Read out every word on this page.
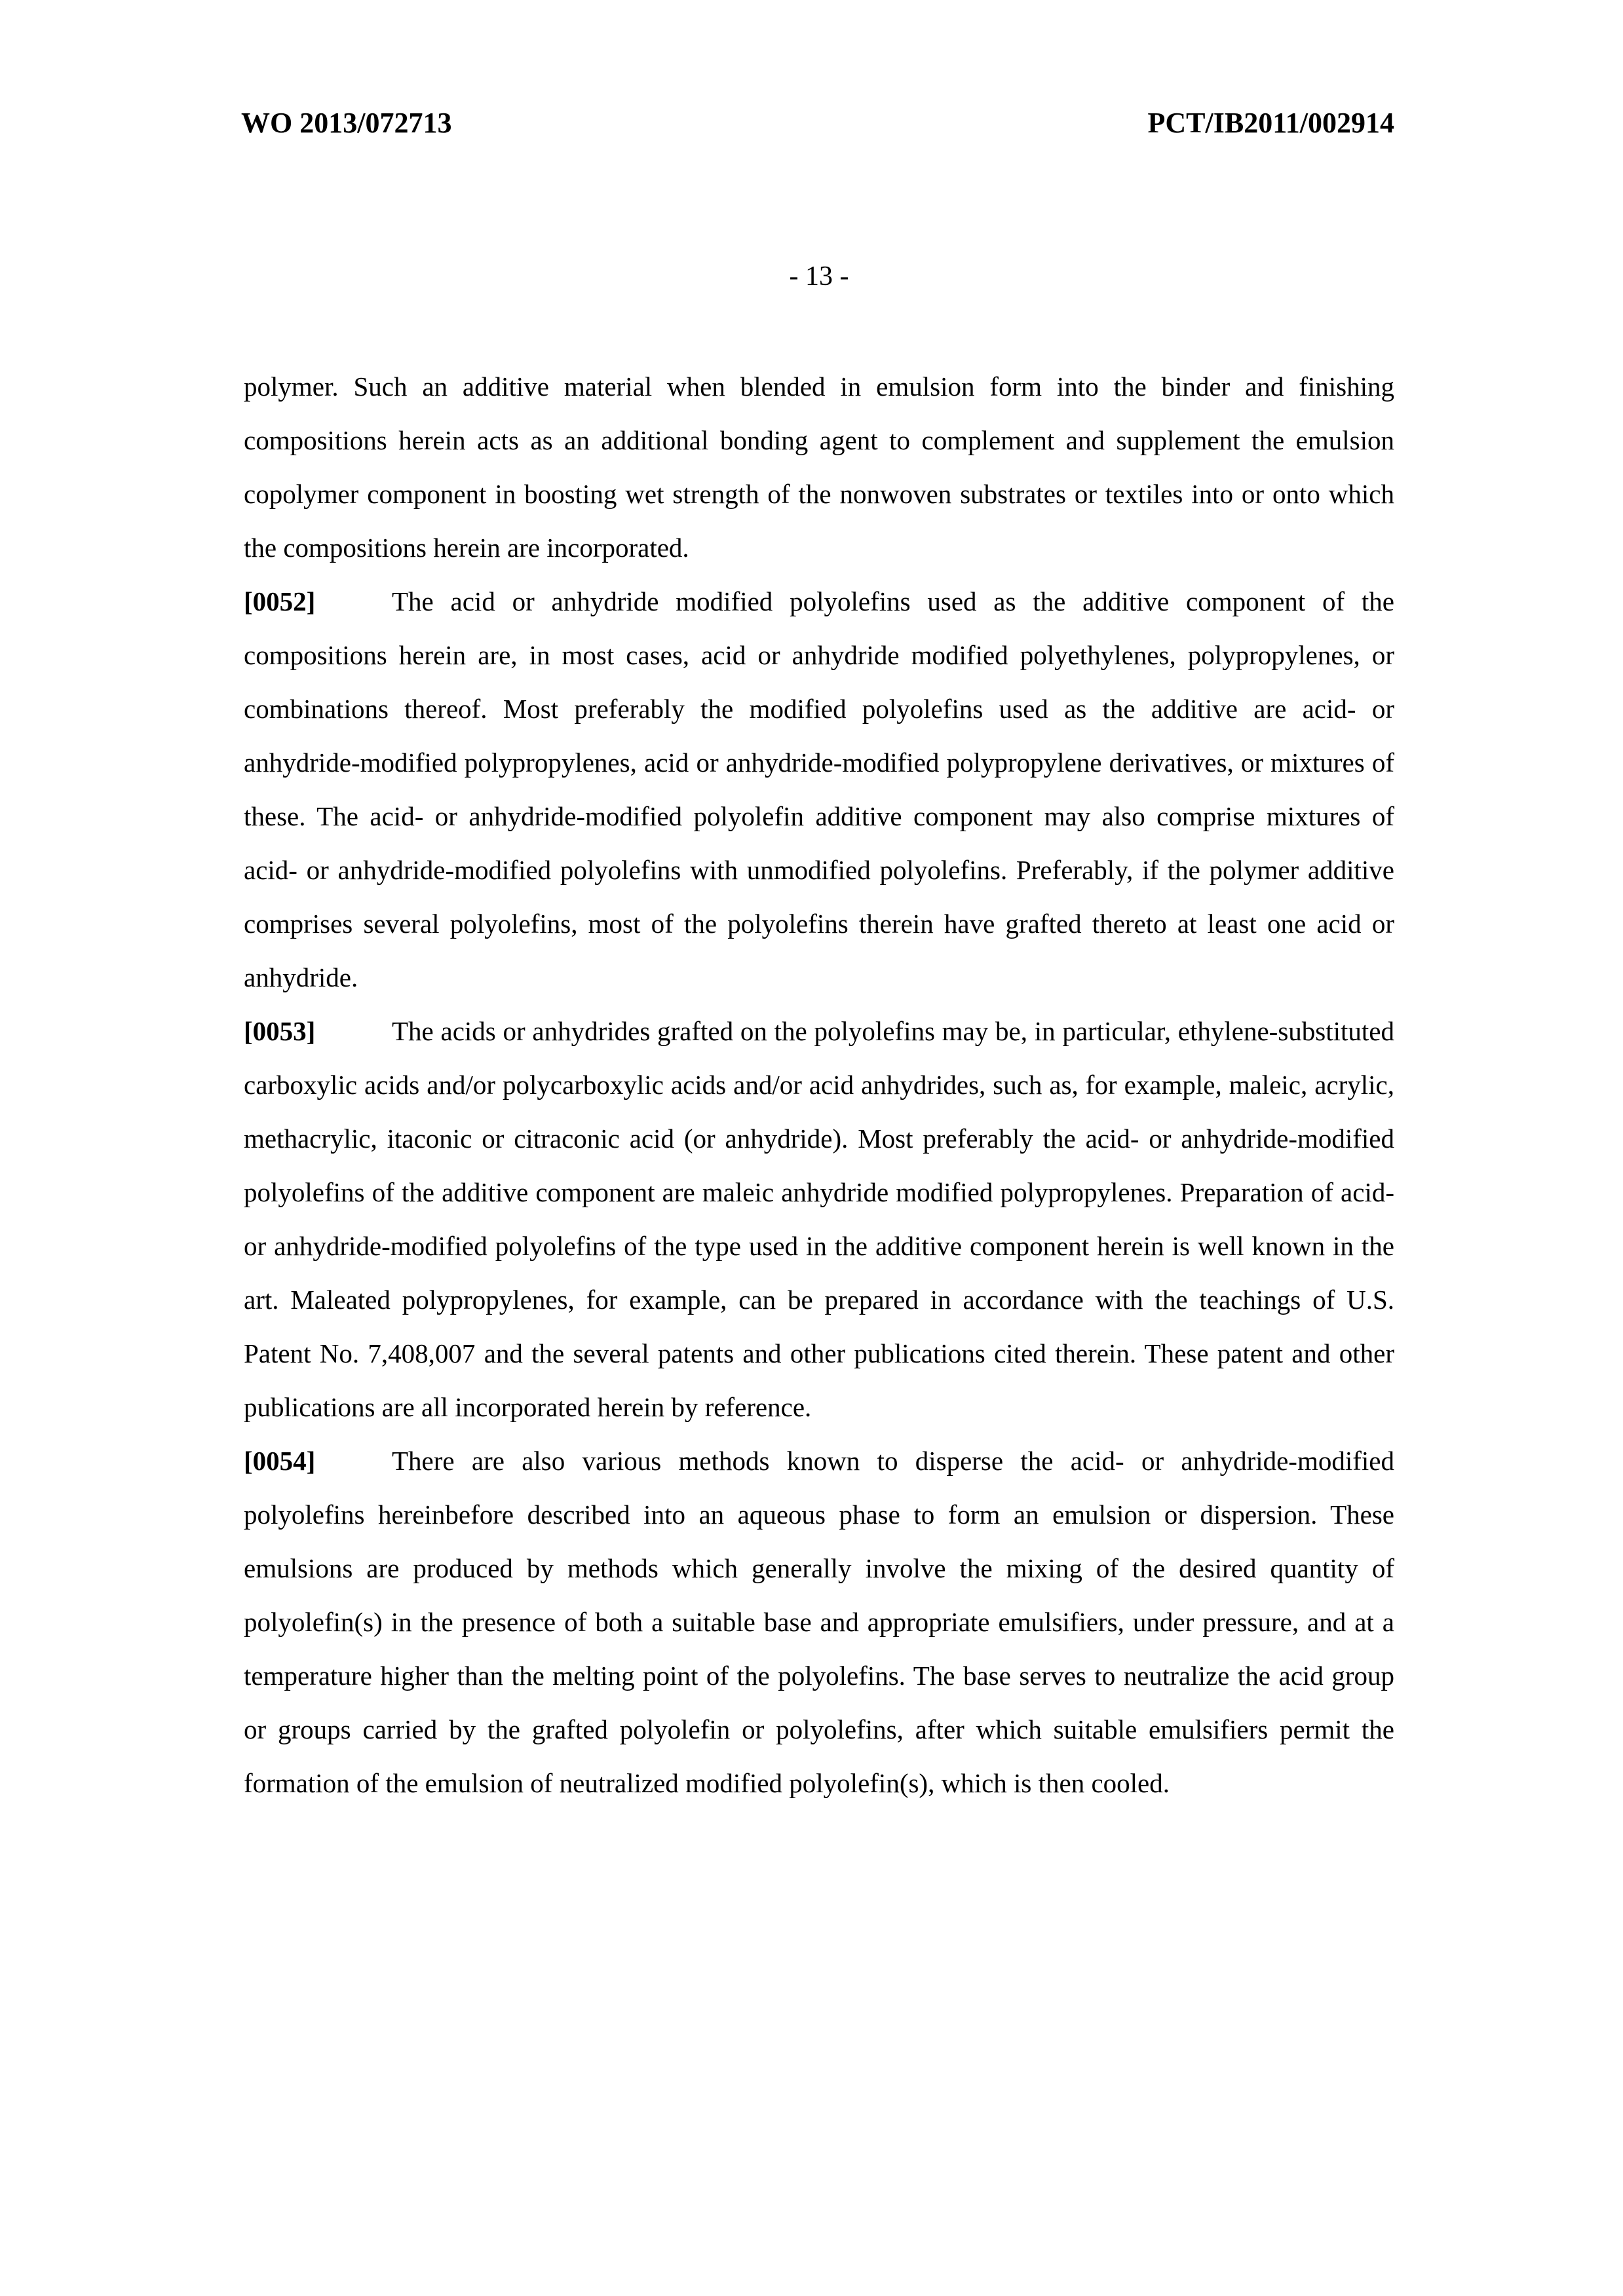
WO 2013/072713	PCT/IB2011/002914
- 13 -

polymer. Such an additive material when blended in emulsion form into the binder and finishing compositions herein acts as an additional bonding agent to complement and supplement the emulsion copolymer component in boosting wet strength of the nonwoven substrates or textiles into or onto which the compositions herein are incorporated.

[0052]	The acid or anhydride modified polyolefins used as the additive component of the compositions herein are, in most cases, acid or anhydride modified polyethylenes, polypropylenes, or combinations thereof. Most preferably the modified polyolefins used as the additive are acid- or anhydride-modified polypropylenes, acid or anhydride-modified polypropylene derivatives, or mixtures of these. The acid- or anhydride-modified polyolefin additive component may also comprise mixtures of acid- or anhydride-modified polyolefins with unmodified polyolefins. Preferably, if the polymer additive comprises several polyolefins, most of the polyolefins therein have grafted thereto at least one acid or anhydride.

[0053]	The acids or anhydrides grafted on the polyolefins may be, in particular, ethylene-substituted carboxylic acids and/or polycarboxylic acids and/or acid anhydrides, such as, for example, maleic, acrylic, methacrylic, itaconic or citraconic acid (or anhydride). Most preferably the acid- or anhydride-modified polyolefins of the additive component are maleic anhydride modified polypropylenes. Preparation of acid- or anhydride-modified polyolefins of the type used in the additive component herein is well known in the art. Maleated polypropylenes, for example, can be prepared in accordance with the teachings of U.S. Patent No. 7,408,007 and the several patents and other publications cited therein. These patent and other publications are all incorporated herein by reference.

[0054]	There are also various methods known to disperse the acid- or anhydride-modified polyolefins hereinbefore described into an aqueous phase to form an emulsion or dispersion. These emulsions are produced by methods which generally involve the mixing of the desired quantity of polyolefin(s) in the presence of both a suitable base and appropriate emulsifiers, under pressure, and at a temperature higher than the melting point of the polyolefins. The base serves to neutralize the acid group or groups carried by the grafted polyolefin or polyolefins, after which suitable emulsifiers permit the formation of the emulsion of neutralized modified polyolefin(s), which is then cooled.
